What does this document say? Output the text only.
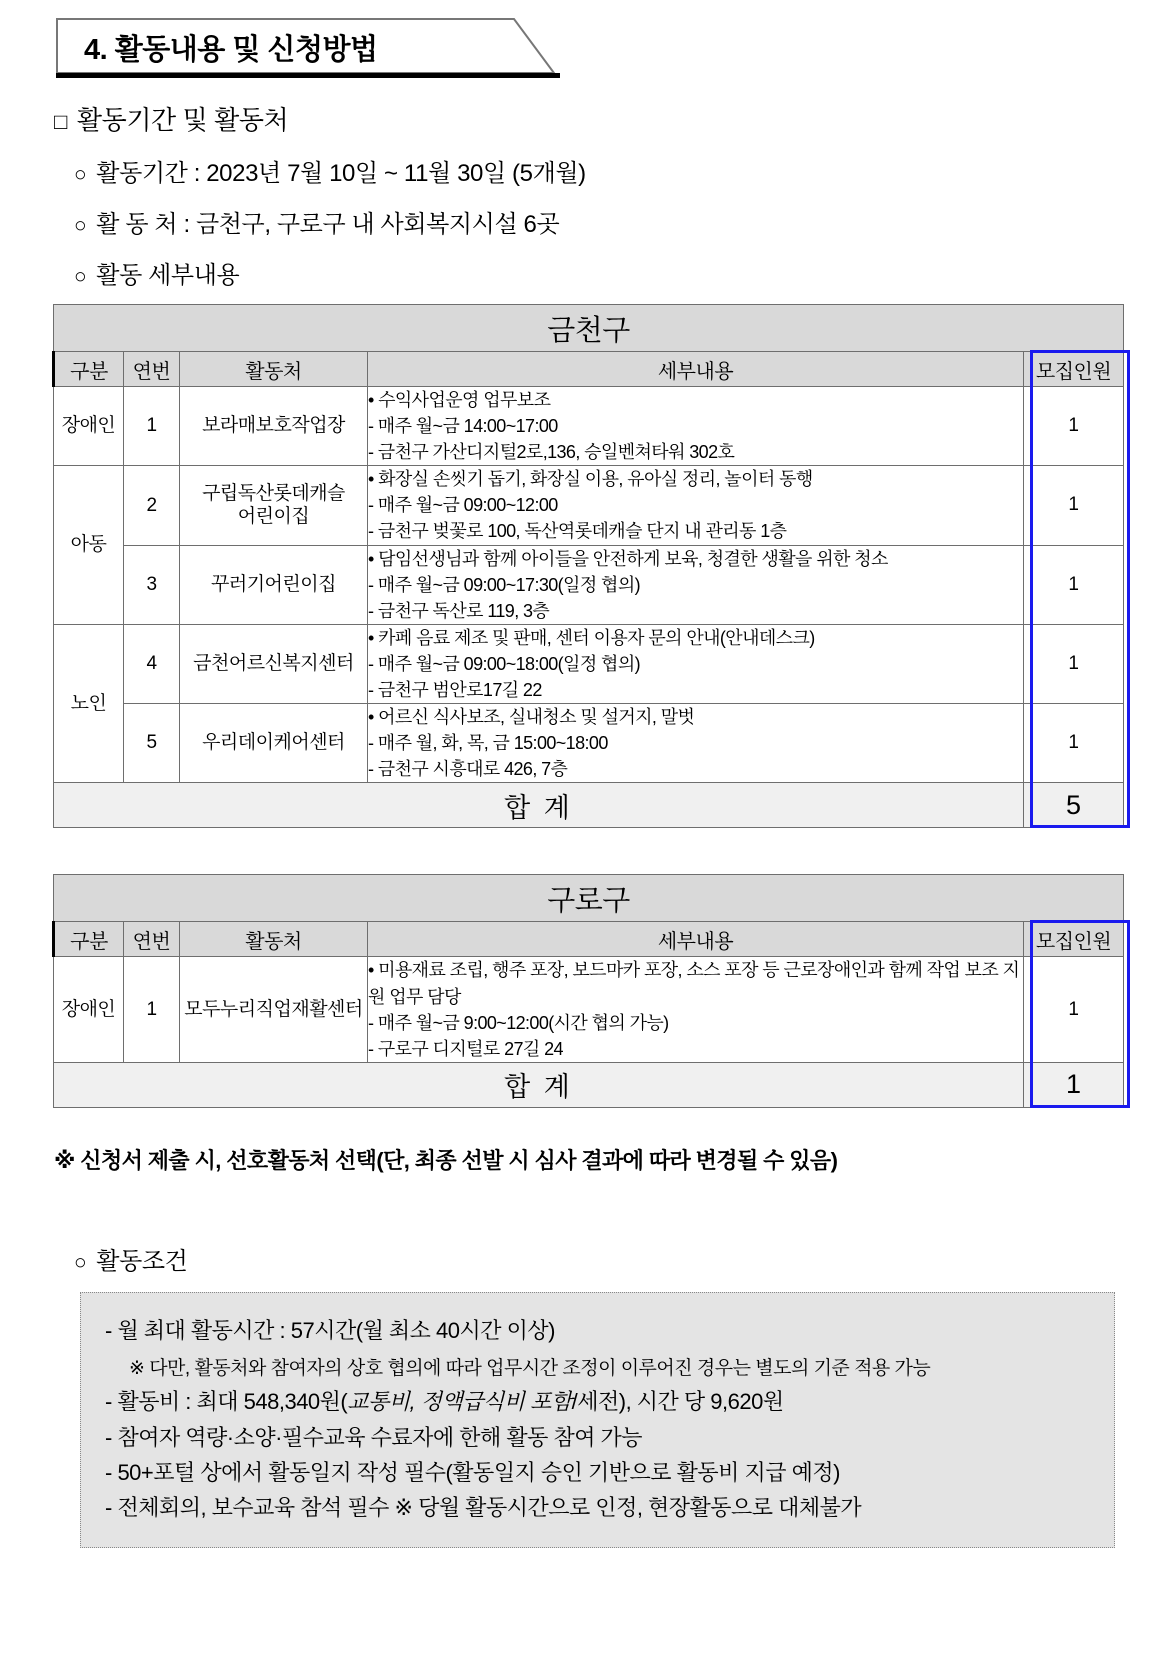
4. 활동내용 및 신청방법
□ 활동기간 및 활동처
○ 활동기간 : 2023년 7월 10일 ~ 11월 30일 (5개월)
○ 활 동 처 : 금천구, 구로구 내 사회복지시설 6곳
○ 활동 세부내용
금천구				
구분	연번	활동처	세부내용	모집인원
장애인	1	보라매보호작업장	• 수익사업운영 업무보조
- 매주 월~금 14:00~17:00
- 금천구 가산디지털2로,136, 승일벤쳐타워 302호	1
아동	2	구립독산롯데캐슬
어린이집	• 화장실 손씻기 돕기, 화장실 이용, 유아실 정리, 놀이터 동행
- 매주 월~금 09:00~12:00
- 금천구 벚꽃로 100, 독산역롯데캐슬 단지 내 관리동 1층	1
	3	꾸러기어린이집	• 담임선생님과 함께 아이들을 안전하게 보육, 청결한 생활을 위한 청소
- 매주 월~금 09:00~17:30(일정 협의)
- 금천구 독산로 119, 3층	1
노인	4	금천어르신복지센터	• 카페 음료 제조 및 판매, 센터 이용자 문의 안내(안내데스크)
- 매주 월~금 09:00~18:00(일정 협의)
- 금천구 범안로17길 22	1
	5	우리데이케어센터	• 어르신 식사보조, 실내청소 및 설거지, 말벗
- 매주 월, 화, 목, 금 15:00~18:00
- 금천구 시흥대로 426, 7층	1
합 계				5
구로구				
구분	연번	활동처	세부내용	모집인원
장애인	1	모두누리직업재활센터	• 미용재료 조립, 행주 포장, 보드마카 포장, 소스 포장 등 근로장애인과 함께 작업 보조 지원 업무 담당
- 매주 월~금 9:00~12:00(시간 협의 가능)
- 구로구 디지털로 27길 24	1
합 계				1
※ 신청서 제출 시, 선호활동처 선택(단, 최종 선발 시 심사 결과에 따라 변경될 수 있음)
○ 활동조건
- 월 최대 활동시간 : 57시간(월 최소 40시간 이상)
※ 다만, 활동처와 참여자의 상호 협의에 따라 업무시간 조정이 이루어진 경우는 별도의 기준 적용 가능
- 활동비 : 최대 548,340원(교통비, 정액급식비 포함/세전), 시간 당 9,620원
- 참여자 역량·소양·필수교육 수료자에 한해 활동 참여 가능
- 50+포털 상에서 활동일지 작성 필수(활동일지 승인 기반으로 활동비 지급 예정)
- 전체회의, 보수교육 참석 필수 ※ 당월 활동시간으로 인정, 현장활동으로 대체불가
